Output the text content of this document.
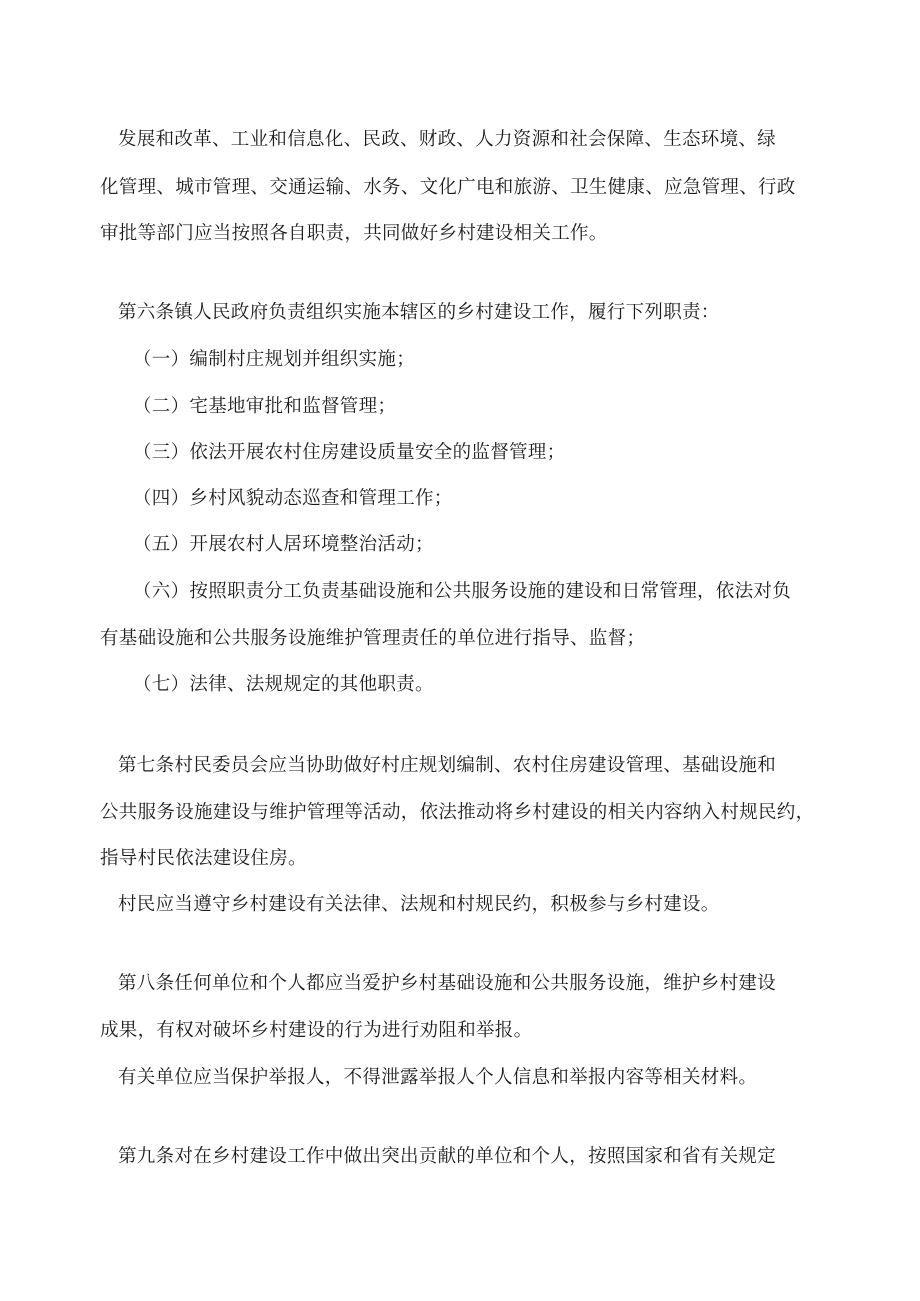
发展和改革、工业和信息化、民政、财政、人力资源和社会保障、生态环境、绿
化管理、城市管理、交通运输、水务、文化广电和旅游、卫生健康、应急管理、行政
审批等部门应当按照各自职责，共同做好乡村建设相关工作。
第六条镇人民政府负责组织实施本辖区的乡村建设工作，履行下列职责：
（一）编制村庄规划并组织实施；
（二）宅基地审批和监督管理；
（三）依法开展农村住房建设质量安全的监督管理；
（四）乡村风貌动态巡查和管理工作；
（五）开展农村人居环境整治活动；
（六）按照职责分工负责基础设施和公共服务设施的建设和日常管理，依法对负
有基础设施和公共服务设施维护管理责任的单位进行指导、监督；
（七）法律、法规规定的其他职责。
第七条村民委员会应当协助做好村庄规划编制、农村住房建设管理、基础设施和
公共服务设施建设与维护管理等活动，依法推动将乡村建设的相关内容纳入村规民约，
指导村民依法建设住房。
村民应当遵守乡村建设有关法律、法规和村规民约，积极参与乡村建设。
第八条任何单位和个人都应当爱护乡村基础设施和公共服务设施，维护乡村建设
成果，有权对破坏乡村建设的行为进行劝阻和举报。
有关单位应当保护举报人，不得泄露举报人个人信息和举报内容等相关材料。
第九条对在乡村建设工作中做出突出贡献的单位和个人，按照国家和省有关规定
